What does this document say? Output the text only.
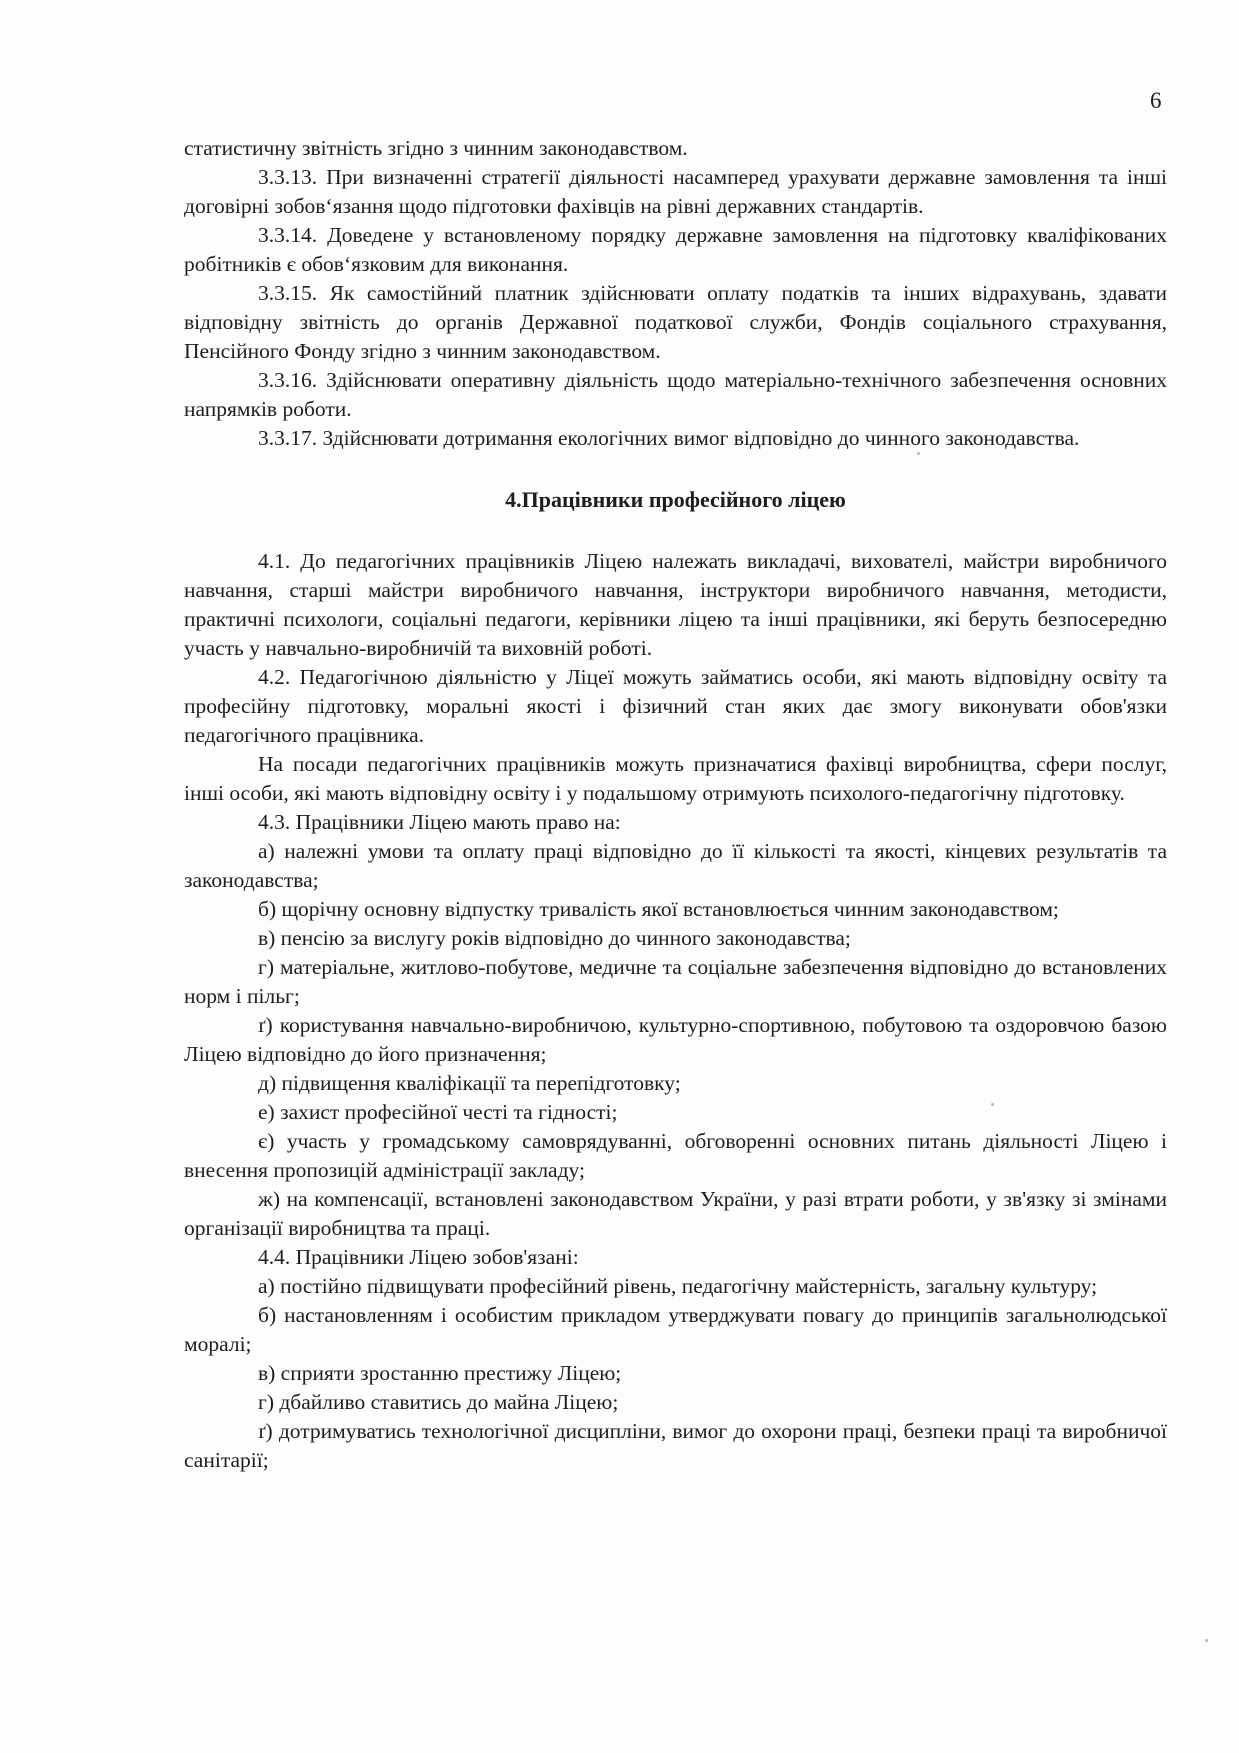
6

статистичну звітність згідно з чинним законодавством.

3.3.13. При визначенні стратегії діяльності насамперед урахувати державне замовлення та інші договірні зобов‘язання щодо підготовки фахівців на рівні державних стандартів.

3.3.14. Доведене у встановленому порядку державне замовлення на підготовку кваліфікованих робітників є обов‘язковим для виконання.

3.3.15. Як самостійний платник здійснювати оплату податків та інших відрахувань, здавати відповідну звітність до органів Державної податкової служби, Фондів соціального страхування, Пенсійного Фонду згідно з чинним законодавством.

3.3.16. Здійснювати оперативну діяльність щодо матеріально-технічного забезпечення основних напрямків роботи.

3.3.17. Здійснювати дотримання екологічних вимог відповідно до чинного законодавства.

4.Працівники професійного ліцею

4.1. До педагогічних працівників Ліцею належать викладачі, вихователі, майстри виробничого навчання, старші майстри виробничого навчання, інструктори виробничого навчання, методисти, практичні психологи, соціальні педагоги, керівники ліцею та інші працівники, які беруть безпосередню участь у навчально-виробничій та виховній роботі.

4.2. Педагогічною діяльністю у Ліцеї можуть займатись особи, які мають відповідну освіту та професійну підготовку, моральні якості і фізичний стан яких дає змогу виконувати обов'язки педагогічного працівника.

На посади педагогічних працівників можуть призначатися фахівці виробництва, сфери послуг, інші особи, які мають відповідну освіту і у подальшому отримують психолого-педагогічну підготовку.

4.3. Працівники Ліцею мають право на:

а) належні умови та оплату праці відповідно до її кількості та якості, кінцевих результатів та законодавства;

б) щорічну основну відпустку тривалість якої встановлюється чинним законодавством;

в) пенсію за вислугу років відповідно до чинного законодавства;

г) матеріальне, житлово-побутове, медичне та соціальне забезпечення відповідно до встановлених норм і пільг;

ґ) користування навчально-виробничою, культурно-спортивною, побутовою та оздоровчою базою Ліцею відповідно до його призначення;

д) підвищення кваліфікації та перепідготовку;

е) захист професійної честі та гідності;

є) участь у громадському самоврядуванні, обговоренні основних питань діяльності Ліцею і внесення пропозицій адміністрації закладу;

ж) на компенсації, встановлені законодавством України, у разі втрати роботи, у зв'язку зі змінами організації виробництва та праці.

4.4. Працівники Ліцею зобов'язані:

а) постійно підвищувати професійний рівень, педагогічну майстерність, загальну культуру;

б) настановленням і особистим прикладом утверджувати повагу до принципів загальнолюдської моралі;

в) сприяти зростанню престижу Ліцею;

г) дбайливо ставитись до майна Ліцею;

ґ) дотримуватись технологічної дисципліни, вимог до охорони праці, безпеки праці та виробничої санітарії;
